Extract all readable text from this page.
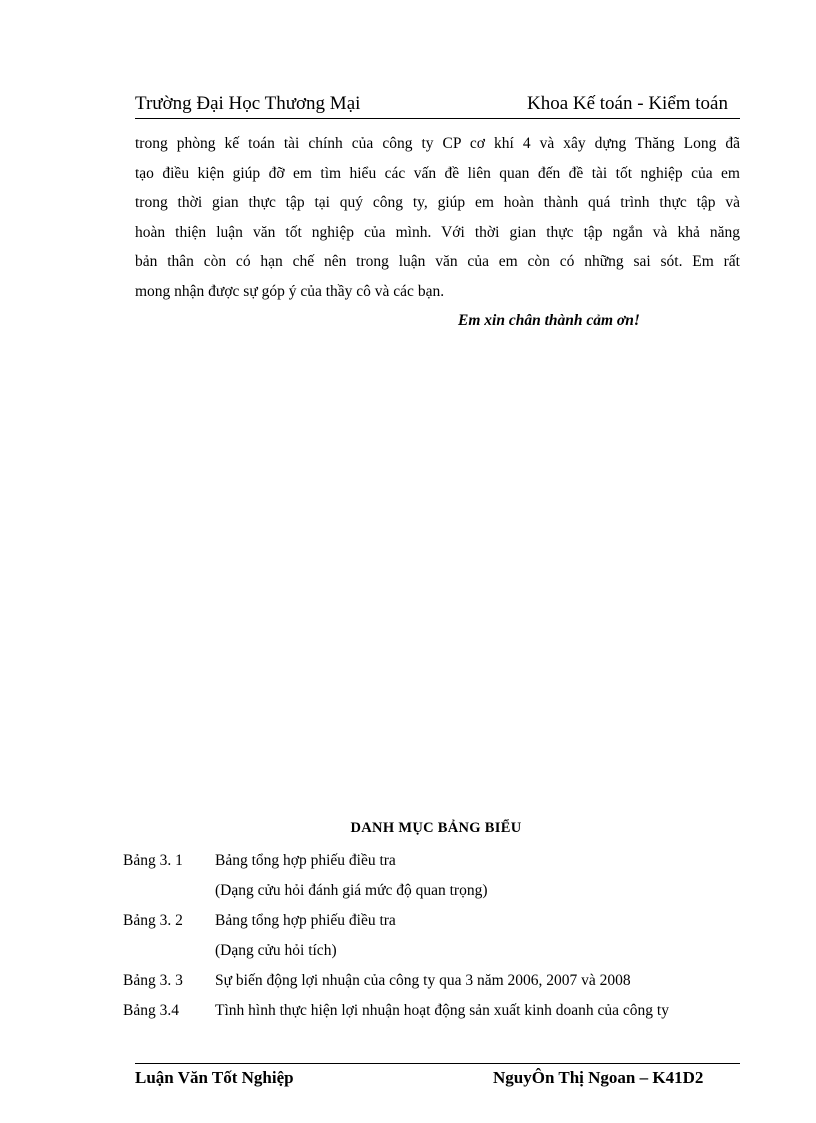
Trường Đại Học Thương Mại	Khoa Kế toán - Kiểm toán

trong phòng kế toán tài chính của công ty CP cơ khí 4 và xây dựng Thăng Long đã

tạo điều kiện giúp đỡ em tìm hiểu các vấn đề liên quan đến đề tài tốt nghiệp của em

trong thời gian thực tập tại quý công ty, giúp em hoàn thành quá trình thực tập và

hoàn thiện luận văn tốt nghiệp của mình. Với thời gian thực tập ngắn và khả năng

bản thân còn có hạn chế nên trong luận văn của em còn có những sai sót. Em rất

mong nhận được sự góp ý của thầy cô và các bạn.

Em xin chân thành cảm ơn!
DANH MỤC BẢNG BIỂU
Bảng 3. 1 Bảng tổng hợp phiếu điều tra
(Dạng cửu hỏi đánh giá mức độ quan trọng)
Bảng 3. 2 Bảng tổng hợp phiếu điều tra
(Dạng cửu hỏi tích)
Bảng 3. 3 Sự biến động lợi nhuận của công ty qua 3 năm 2006, 2007 và 2008
Bảng 3.4 Tình hình thực hiện lợi nhuận hoạt động sản xuất kinh doanh của công ty
Luận Văn Tốt Nghiệp	NguyÔn Thị Ngoan – K41D2
